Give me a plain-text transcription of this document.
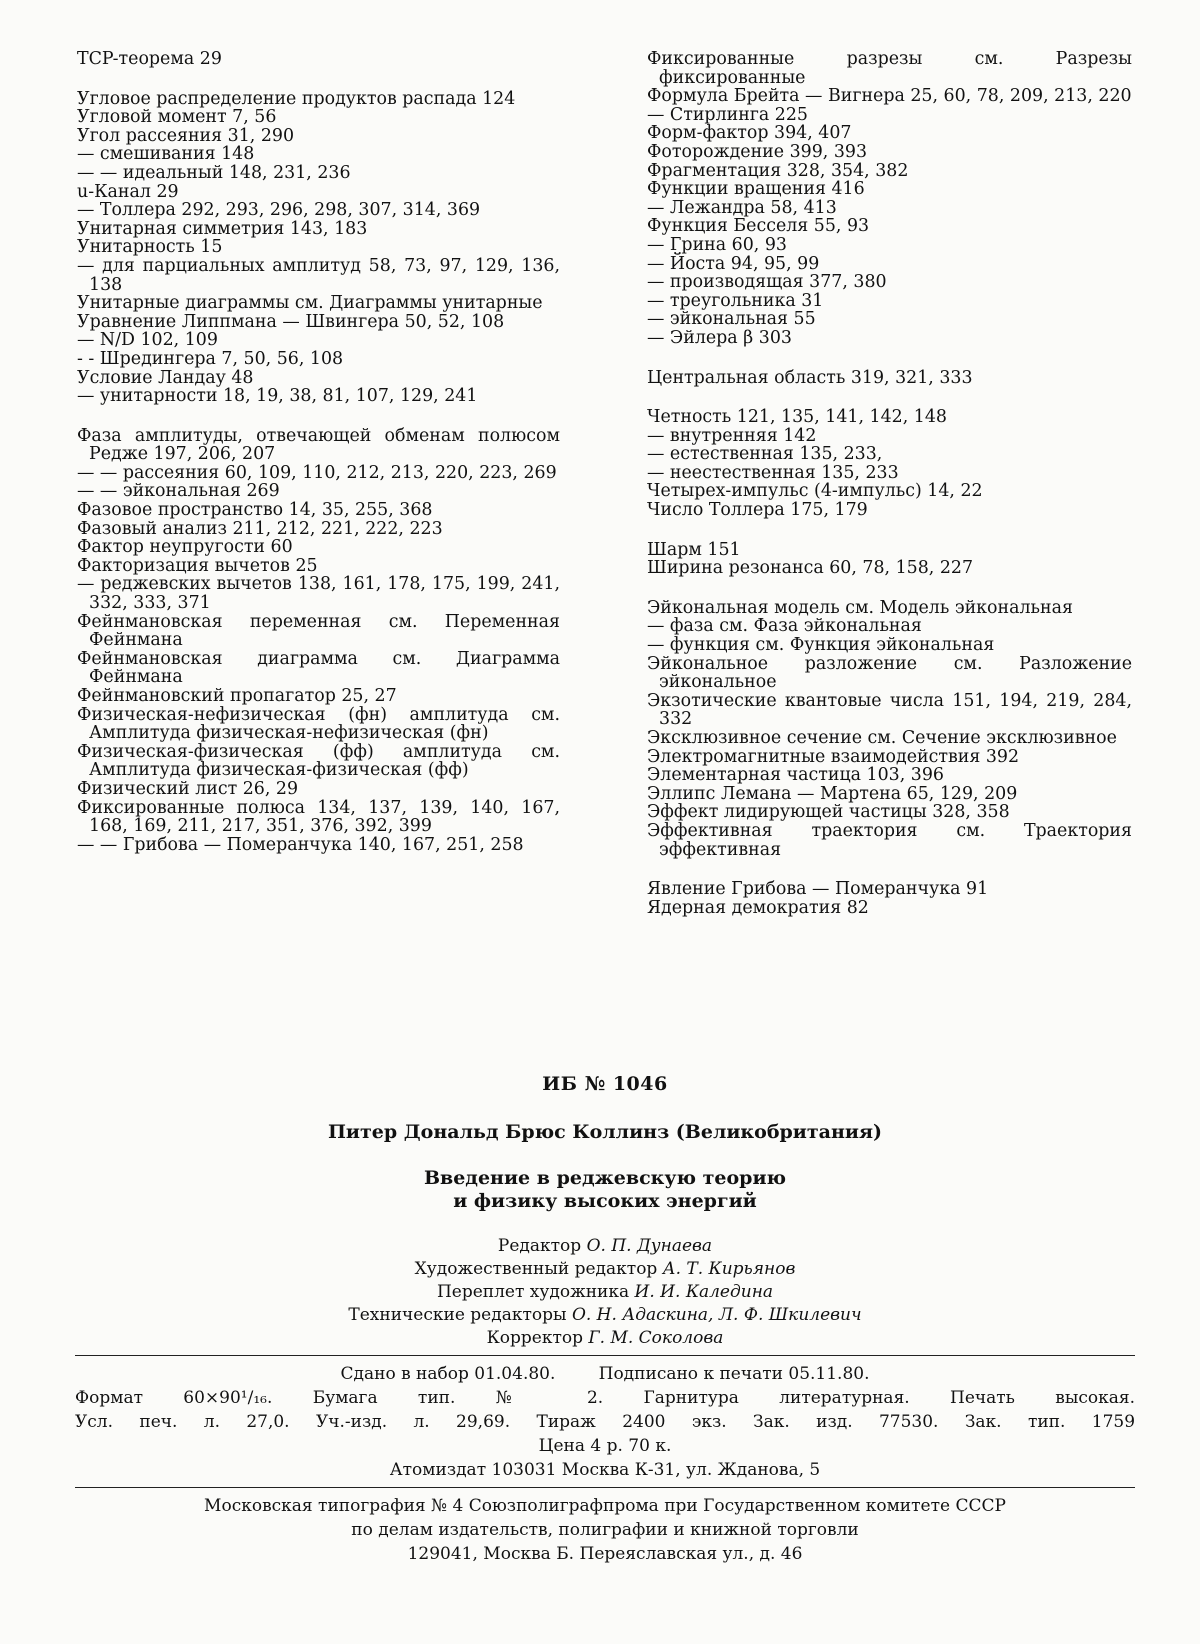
TCP-теорема 29

Угловое распределение продуктов распада 124

Угловой момент 7, 56

Угол рассеяния 31, 290

— смешивания 148

— — идеальный 148, 231, 236

u-Канал 29

— Толлера 292, 293, 296, 298, 307, 314, 369

Унитарная симметрия 143, 183

Унитарность 15

— для парциальных амплитуд 58, 73, 97, 129, 136, 138

Унитарные диаграммы см. Диаграммы унитарные

Уравнение Липпмана — Швингера 50, 52, 108

— N/D 102, 109

- - Шредингера 7, 50, 56, 108

Условие Ландау 48

— унитарности 18, 19, 38, 81, 107, 129, 241

Фаза амплитуды, отвечающей обменам полюсом Редже 197, 206, 207

— — рассеяния 60, 109, 110, 212, 213, 220, 223, 269

— — эйкональная 269

Фазовое пространство 14, 35, 255, 368

Фазовый анализ 211, 212, 221, 222, 223

Фактор неупругости 60

Факторизация вычетов 25

— реджевских вычетов 138, 161, 178, 175, 199, 241, 332, 333, 371

Фейнмановская переменная см. Переменная Фейнмана

Фейнмановская диаграмма см. Диаграмма Фейнмана

Фейнмановский пропагатор 25, 27

Физическая-нефизическая (фн) амплитуда см. Амплитуда физическая-нефизическая (фн)

Физическая-физическая (фф) амплитуда см. Амплитуда физическая-физическая (фф)

Физический лист 26, 29

Фиксированные полюса 134, 137, 139, 140, 167, 168, 169, 211, 217, 351, 376, 392, 399

— — Грибова — Померанчука 140, 167, 251, 258

Фиксированные разрезы см. Разрезы фиксированные

Формула Брейта — Вигнера 25, 60, 78, 209, 213, 220

— Стирлинга 225

Форм-фактор 394, 407

Фоторождение 399, 393

Фрагментация 328, 354, 382

Функции вращения 416

— Лежандра 58, 413

Функция Бесселя 55, 93

— Грина 60, 93

— Йоста 94, 95, 99

— производящая 377, 380

— треугольника 31

— эйкональная 55

— Эйлера β 303

Центральная область 319, 321, 333

Четность 121, 135, 141, 142, 148

— внутренняя 142

— естественная 135, 233,

— неестественная 135, 233

Четырех-импульс (4-импульс) 14, 22

Число Толлера 175, 179

Шарм 151

Ширина резонанса 60, 78, 158, 227

Эйкональная модель см. Модель эйкональная

— фаза см. Фаза эйкональная

— функция см. Функция эйкональная

Эйкональное разложение см. Разложение эйкональное

Экзотические квантовые числа 151, 194, 219, 284, 332

Эксклюзивное сечение см. Сечение эксклюзивное

Электромагнитные взаимодействия 392

Элементарная частица 103, 396

Эллипс Лемана — Мартена 65, 129, 209

Эффект лидирующей частицы 328, 358

Эффективная траектория см. Траектория эффективная

Явление Грибова — Померанчука 91

Ядерная демократия 82

ИБ № 1046
Питер Дональд Брюс Коллинз (Великобритания)
Введение в реджевскую теорию
и физику высоких энергий
Редактор О. П. Дунаева
Художественный редактор А. Т. Кирьянов
Переплет художника И. И. Каледина
Технические редакторы О. Н. Адаскина, Л. Ф. Шкилевич
Корректор Г. М. Соколова
Сдано в набор 01.04.80.	Подписано к печати 05.11.80.
Формат 60×90¹/₁₆. Бумага тип. № 2. Гарнитура литературная. Печать высокая.
Усл. печ. л. 27,0. Уч.-изд. л. 29,69. Тираж 2400 экз. Зак. изд. 77530. Зак. тип. 1759
Цена 4 р. 70 к.
Атомиздат 103031 Москва К-31, ул. Жданова, 5
Московская типография № 4 Союзполиграфпрома при Государственном комитете СССР
по делам издательств, полиграфии и книжной торговли
129041, Москва Б. Переяславская ул., д. 46
